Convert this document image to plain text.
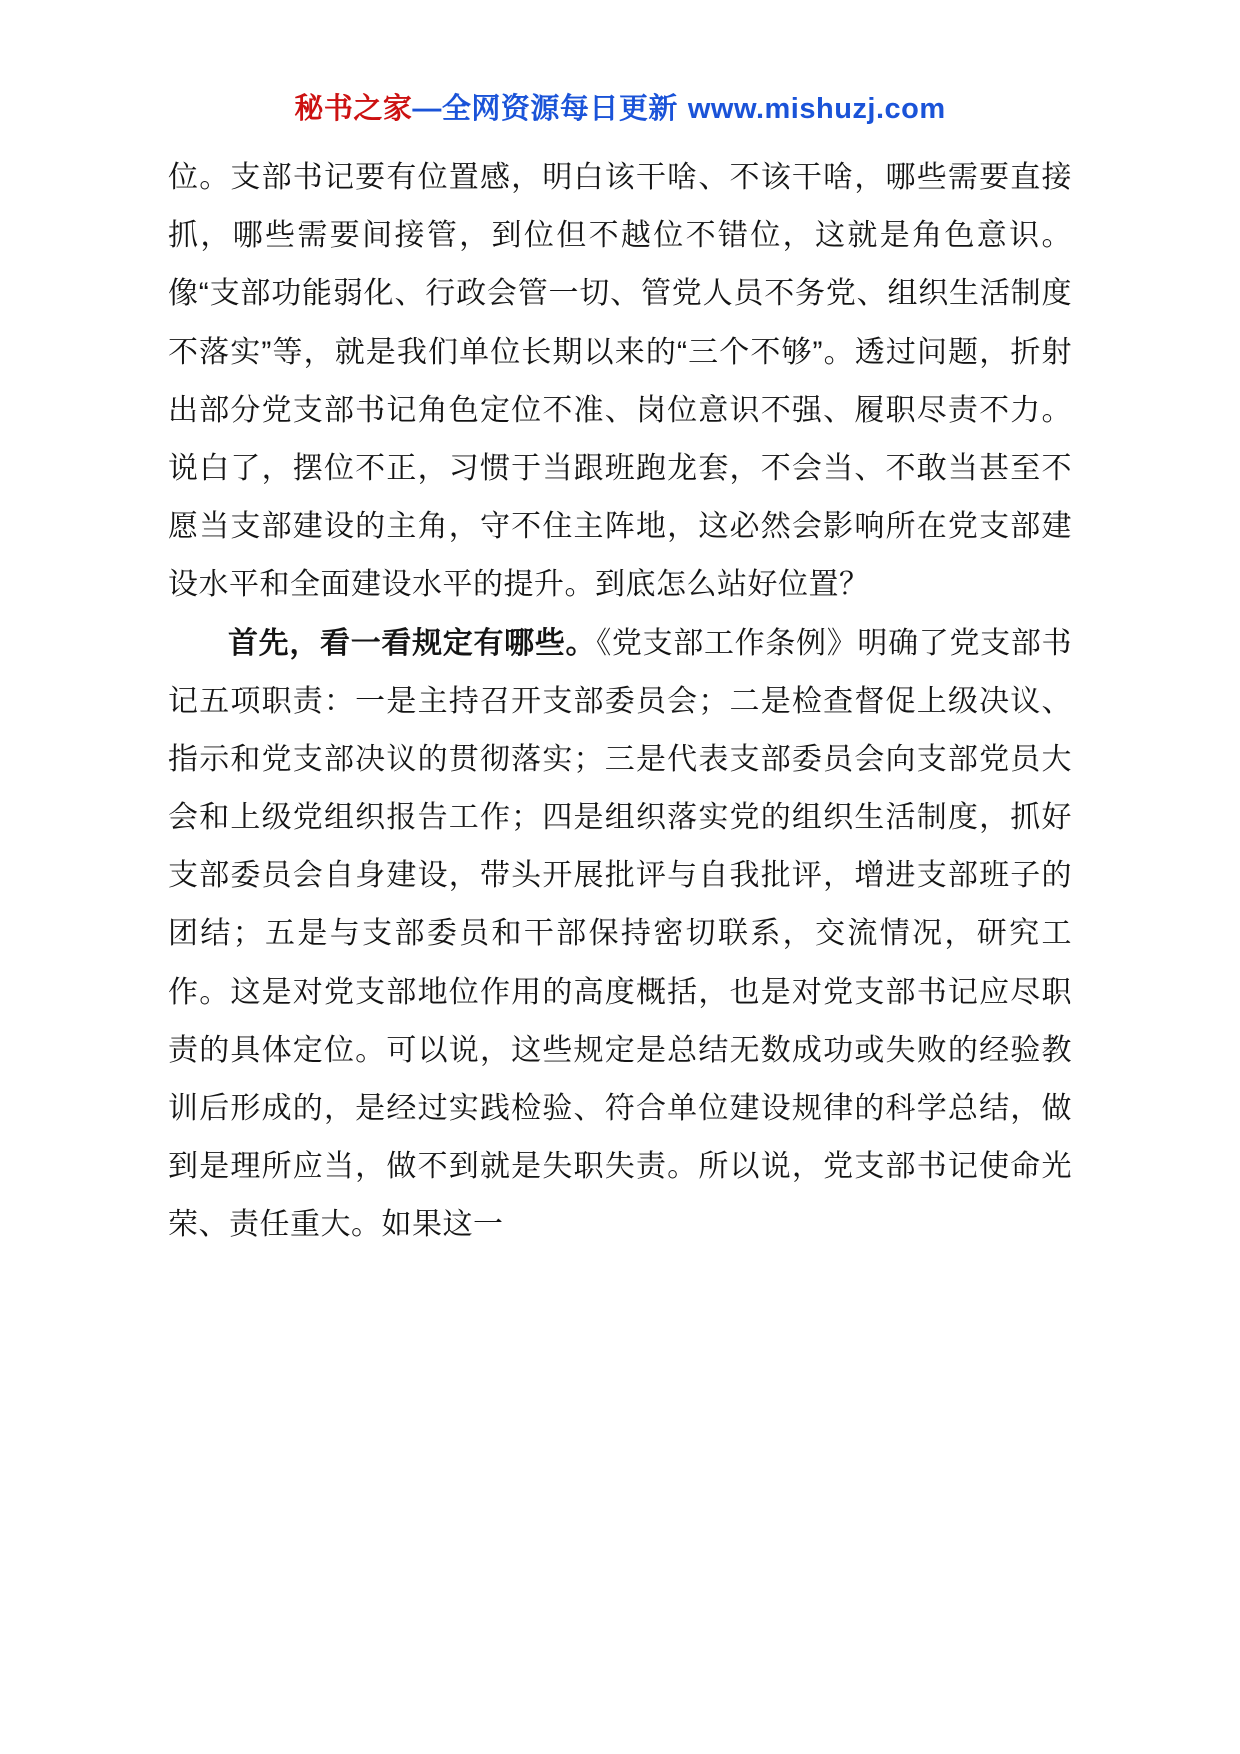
秘书之家—全网资源每日更新 www.mishuzj.com

位。支部书记要有位置感，明白该干啥、不该干啥，哪些需要直接抓，哪些需要间接管，到位但不越位不错位，这就是角色意识。像“支部功能弱化、行政会管一切、管党人员不务党、组织生活制度不落实”等，就是我们单位长期以来的“三个不够”。透过问题，折射出部分党支部书记角色定位不准、岗位意识不强、履职尽责不力。说白了，摆位不正，习惯于当跟班跑龙套，不会当、不敢当甚至不愿当支部建设的主角，守不住主阵地，这必然会影响所在党支部建设水平和全面建设水平的提升。到底怎么站好位置？

首先，看一看规定有哪些。《党支部工作条例》明确了党支部书记五项职责：一是主持召开支部委员会；二是检查督促上级决议、指示和党支部决议的贯彻落实；三是代表支部委员会向支部党员大会和上级党组织报告工作；四是组织落实党的组织生活制度，抓好支部委员会自身建设，带头开展批评与自我批评，增进支部班子的团结；五是与支部委员和干部保持密切联系，交流情况，研究工作。这是对党支部地位作用的高度概括，也是对党支部书记应尽职责的具体定位。可以说，这些规定是总结无数成功或失败的经验教训后形成的，是经过实践检验、符合单位建设规律的科学总结，做到是理所应当，做不到就是失职失责。所以说，党支部书记使命光荣、责任重大。如果这一
